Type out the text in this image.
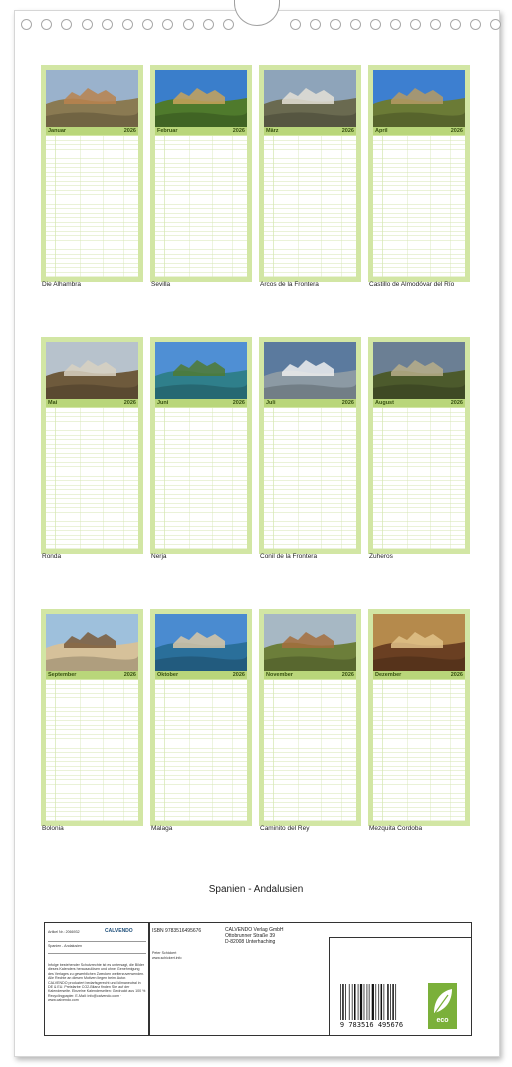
Januar	2026
Die Alhambra
Februar	2026
Sevilla
März	2026
Arcos de la Frontera
April	2026
Castillo de Almodóvar del Río
Mai	2026
Ronda
Juni	2026
Nerja
Juli	2026
Conil de la Frontera
August	2026
Zuheros
September	2026
Bolonia
Oktober	2026
Malaga
November	2026
Caminito del Rey
Dezember	2026
Mezquita Cordoba
Spanien - Andalusien
Artikel Nr.: 2066932	CALVENDO
Spanien - Andalusien
Infolge bestehender Schutzrechte ist es untersagt, die Bilder dieses Kalenders herauszulösen und ohne Genehmigung des Verlages zu gewerblichen Zwecken weiterzuverwenden. Alle Rechte an diesen Motiven liegen beim Autor. CALVENDO produziert bedarfsgerecht und klimaneutral in DE & EU. Preisfarbe CO2-Bilanz finden Sie auf der Kalenderseite. Einzelne Kalenderseiten: Gedruckt aus 100 % Recyclingpapier. E-Mail: info@calvendo.com · www.calvendo.com
ISBN 9783516495676
Peter Schickert
www.schickert.info
CALVENDO Verlag GmbH
Ottobrunner Straße 39
D-82008 Unterhaching
9 783516 495676
eco
